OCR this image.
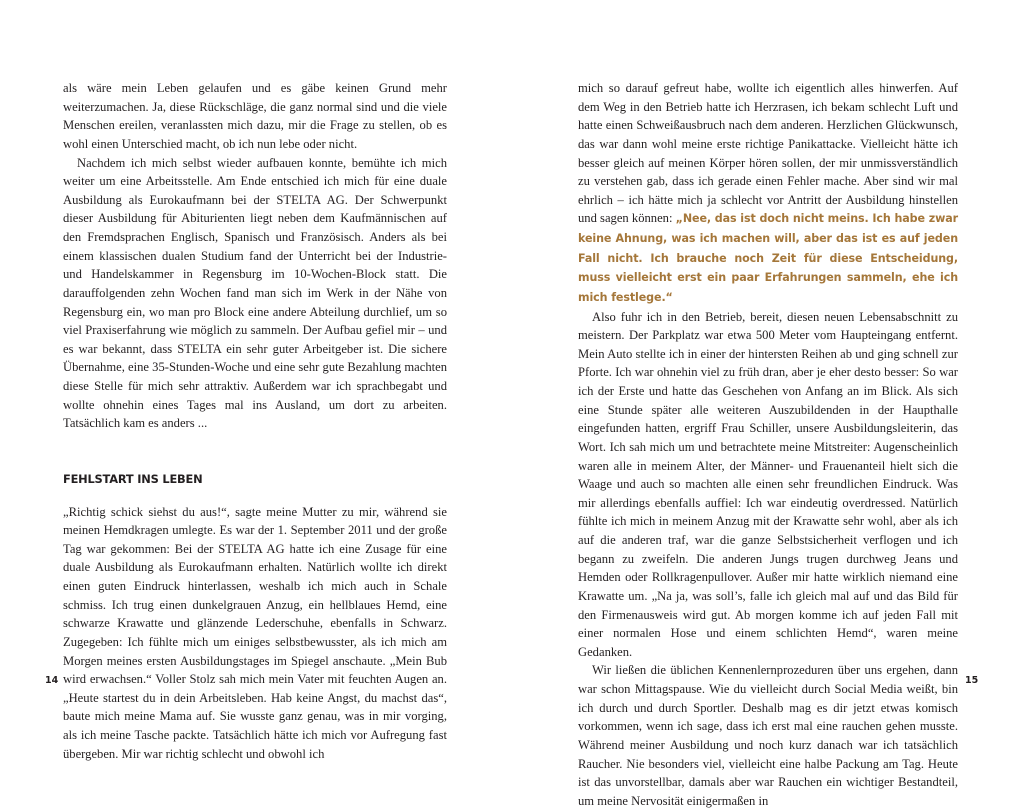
als wäre mein Leben gelaufen und es gäbe keinen Grund mehr weiterzumachen. Ja, diese Rückschläge, die ganz normal sind und die viele Menschen ereilen, veranlassten mich dazu, mir die Frage zu stellen, ob es wohl einen Unterschied macht, ob ich nun lebe oder nicht.

Nachdem ich mich selbst wieder aufbauen konnte, bemühte ich mich weiter um eine Arbeitsstelle. Am Ende entschied ich mich für eine duale Ausbildung als Eurokaufmann bei der STELTA AG. Der Schwerpunkt dieser Ausbildung für Abiturienten liegt neben dem Kaufmännischen auf den Fremdsprachen Englisch, Spanisch und Französisch. Anders als bei einem klassischen dualen Studium fand der Unterricht bei der Industrie- und Handelskammer in Regensburg im 10-Wochen-Block statt. Die darauffolgenden zehn Wochen fand man sich im Werk in der Nähe von Regensburg ein, wo man pro Block eine andere Abteilung durchlief, um so viel Praxiserfahrung wie möglich zu sammeln. Der Aufbau gefiel mir – und es war bekannt, dass STELTA ein sehr guter Arbeitgeber ist. Die sichere Übernahme, eine 35-Stunden-Woche und eine sehr gute Bezahlung machten diese Stelle für mich sehr attraktiv. Außerdem war ich sprachbegabt und wollte ohnehin eines Tages mal ins Ausland, um dort zu arbeiten. Tatsächlich kam es anders ...

FEHLSTART INS LEBEN

„Richtig schick siehst du aus!“, sagte meine Mutter zu mir, während sie meinen Hemdkragen umlegte. Es war der 1. September 2011 und der große Tag war gekommen: Bei der STELTA AG hatte ich eine Zusage für eine duale Ausbildung als Eurokaufmann erhalten. Natürlich wollte ich direkt einen guten Eindruck hinterlassen, weshalb ich mich auch in Schale schmiss. Ich trug einen dunkelgrauen Anzug, ein hellblaues Hemd, eine schwarze Krawatte und glänzende Lederschuhe, ebenfalls in Schwarz. Zugegeben: Ich fühlte mich um einiges selbstbewusster, als ich mich am Morgen meines ersten Ausbildungstages im Spiegel anschaute. „Mein Bub wird erwachsen.“ Voller Stolz sah mich mein Vater mit feuchten Augen an. „Heute startest du in dein Arbeitsleben. Hab keine Angst, du machst das“, baute mich meine Mama auf. Sie wusste ganz genau, was in mir vorging, als ich meine Tasche packte. Tatsächlich hätte ich mich vor Aufregung fast übergeben. Mir war richtig schlecht und obwohl ich

14

mich so darauf gefreut habe, wollte ich eigentlich alles hinwerfen. Auf dem Weg in den Betrieb hatte ich Herzrasen, ich bekam schlecht Luft und hatte einen Schweißausbruch nach dem anderen. Herzlichen Glückwunsch, das war dann wohl meine erste richtige Panikattacke. Vielleicht hätte ich besser gleich auf meinen Körper hören sollen, der mir unmissverständlich zu verstehen gab, dass ich gerade einen Fehler mache. Aber sind wir mal ehrlich – ich hätte mich ja schlecht vor Antritt der Ausbildung hinstellen und sagen können: „Nee, das ist doch nicht meins. Ich habe zwar keine Ahnung, was ich machen will, aber das ist es auf jeden Fall nicht. Ich brauche noch Zeit für diese Entscheidung, muss vielleicht erst ein paar Erfahrungen sammeln, ehe ich mich festlege.“

Also fuhr ich in den Betrieb, bereit, diesen neuen Lebensabschnitt zu meistern. Der Parkplatz war etwa 500 Meter vom Haupteingang entfernt. Mein Auto stellte ich in einer der hintersten Reihen ab und ging schnell zur Pforte. Ich war ohnehin viel zu früh dran, aber je eher desto besser: So war ich der Erste und hatte das Geschehen von Anfang an im Blick. Als sich eine Stunde später alle weiteren Auszubildenden in der Haupthalle eingefunden hatten, ergriff Frau Schiller, unsere Ausbildungsleiterin, das Wort. Ich sah mich um und betrachtete meine Mitstreiter: Augenscheinlich waren alle in meinem Alter, der Männer- und Frauenanteil hielt sich die Waage und auch so machten alle einen sehr freundlichen Eindruck. Was mir allerdings ebenfalls auffiel: Ich war eindeutig overdressed. Natürlich fühlte ich mich in meinem Anzug mit der Krawatte sehr wohl, aber als ich auf die anderen traf, war die ganze Selbstsicherheit verflogen und ich begann zu zweifeln. Die anderen Jungs trugen durchweg Jeans und Hemden oder Rollkragenpullover. Außer mir hatte wirklich niemand eine Krawatte um. „Na ja, was soll’s, falle ich gleich mal auf und das Bild für den Firmenausweis wird gut. Ab morgen komme ich auf jeden Fall mit einer normalen Hose und einem schlichten Hemd“, waren meine Gedanken.

Wir ließen die üblichen Kennenlernprozeduren über uns ergehen, dann war schon Mittagspause. Wie du vielleicht durch Social Media weißt, bin ich durch und durch Sportler. Deshalb mag es dir jetzt etwas komisch vorkommen, wenn ich sage, dass ich erst mal eine rauchen gehen musste. Während meiner Ausbildung und noch kurz danach war ich tatsächlich Raucher. Nie besonders viel, vielleicht eine halbe Packung am Tag. Heute ist das unvorstellbar, damals aber war Rauchen ein wichtiger Bestandteil, um meine Nervosität einigermaßen in

15
